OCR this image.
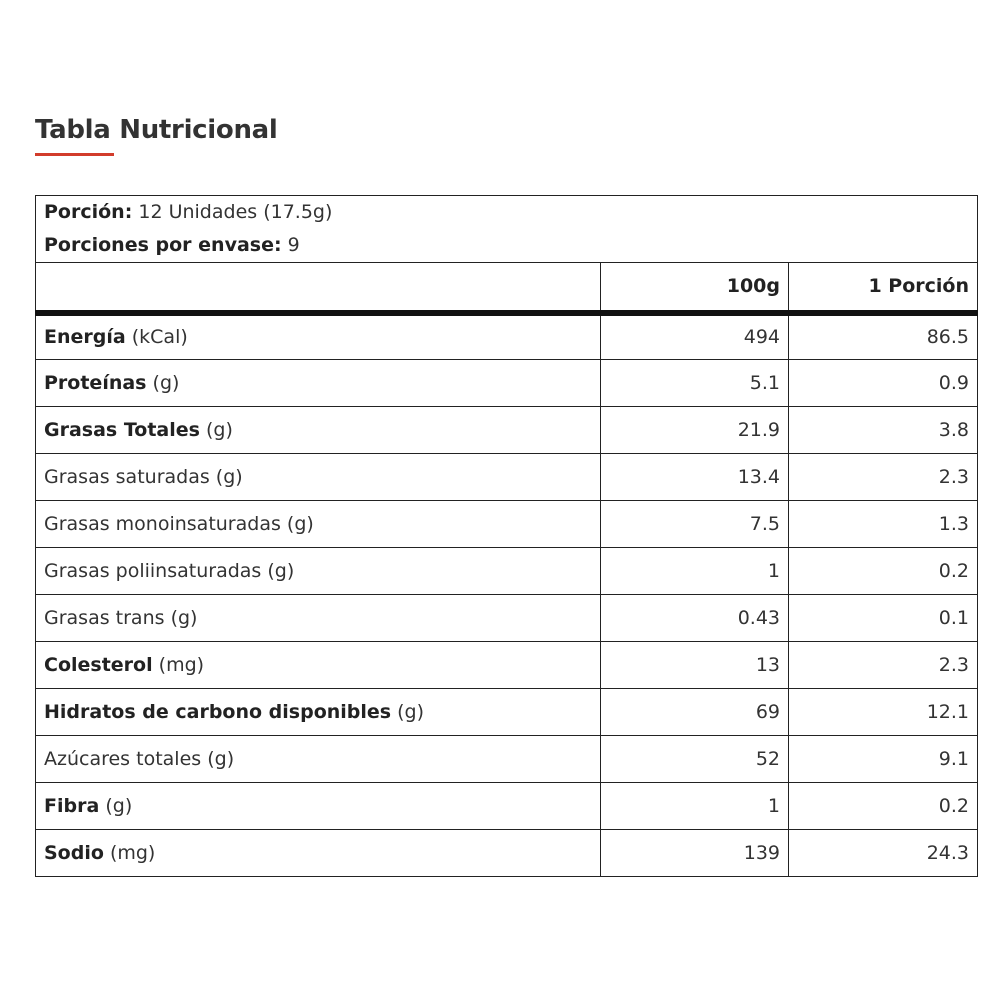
Tabla Nutricional
Porción: 12 Unidades (17.5g)
Porciones por envase: 9		

	100g	1 Porción
Energía (kCal)	494	86.5
Proteínas (g)	5.1	0.9
Grasas Totales (g)	21.9	3.8
Grasas saturadas (g)	13.4	2.3
Grasas monoinsaturadas (g)	7.5	1.3
Grasas poliinsaturadas (g)	1	0.2
Grasas trans (g)	0.43	0.1
Colesterol (mg)	13	2.3
Hidratos de carbono disponibles (g)	69	12.1
Azúcares totales (g)	52	9.1
Fibra (g)	1	0.2
Sodio (mg)	139	24.3
